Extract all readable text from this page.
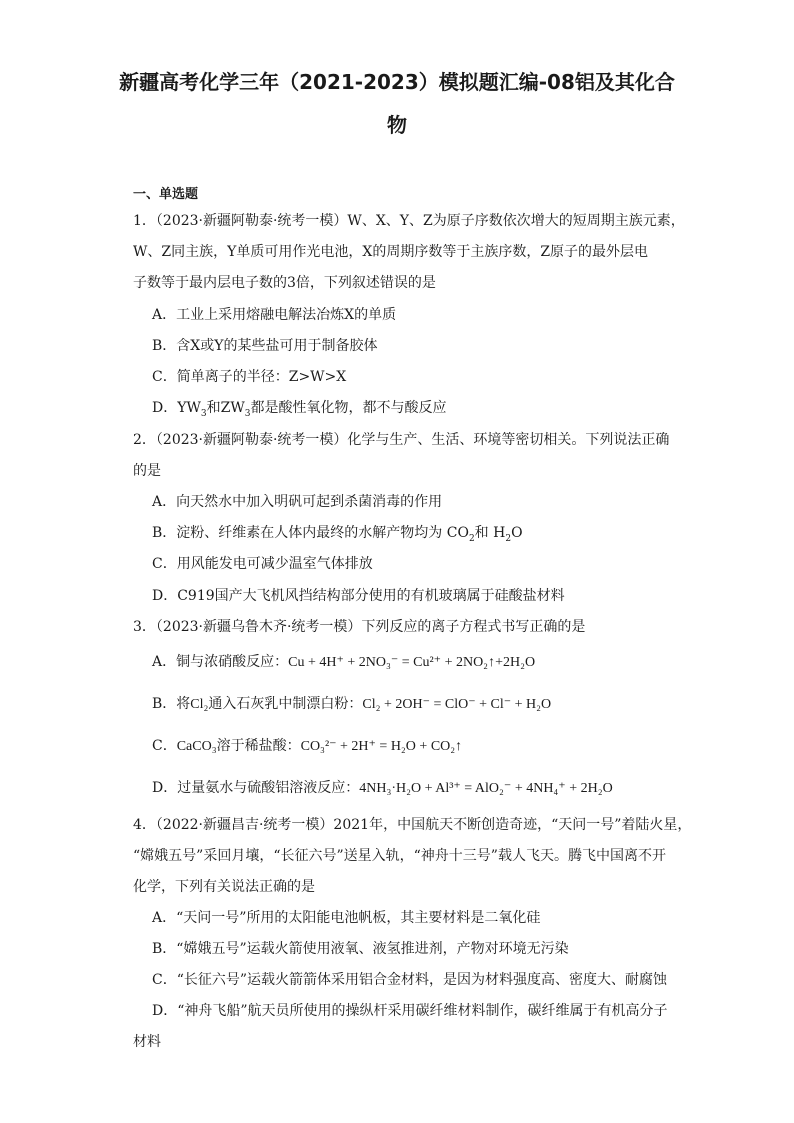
新疆高考化学三年（2021-2023）模拟题汇编-08铝及其化合
物
一、单选题
1．（2023·新疆阿勒泰·统考一模）W、X、Y、Z为原子序数依次增大的短周期主族元素，
W、Z同主族，Y单质可用作光电池，X的周期序数等于主族序数，Z原子的最外层电
子数等于最内层电子数的3倍，下列叙述错误的是
A．工业上采用熔融电解法冶炼X的单质
B．含X或Y的某些盐可用于制备胶体
C．简单离子的半径：Z>W>X
D．$YW_3$和$ZW_3$都是酸性氧化物，都不与酸反应
2．（2023·新疆阿勒泰·统考一模）化学与生产、生活、环境等密切相关。下列说法正确
的是
A．向天然水中加入明矾可起到杀菌消毒的作用
B．淀粉、纤维素在人体内最终的水解产物均为 $CO_2$和 $H_2O$
C．用风能发电可减少温室气体排放
D．C919国产大飞机风挡结构部分使用的有机玻璃属于硅酸盐材料
3．（2023·新疆乌鲁木齐·统考一模）下列反应的离子方程式书写正确的是
A．铜与浓硝酸反应：Cu + 4H⁺ + 2NO₃⁻ = Cu²⁺ + 2NO₂↑+2H₂O
B．将Cl₂通入石灰乳中制漂白粉：Cl₂ + 2OH⁻ = ClO⁻ + Cl⁻ + H₂O
C．CaCO₃溶于稀盐酸：CO₃²⁻ + 2H⁺ = H₂O + CO₂↑
D．过量氨水与硫酸铝溶液反应：4NH₃·H₂O + Al³⁺ = AlO₂⁻ + 4NH₄⁺ + 2H₂O
4．（2022·新疆昌吉·统考一模）2021年，中国航天不断创造奇迹，“天问一号”着陆火星，
“嫦娥五号”采回月壤，“长征六号”送星入轨，“神舟十三号”载人飞天。腾飞中国离不开
化学，下列有关说法正确的是
A．“天问一号”所用的太阳能电池帆板，其主要材料是二氧化硅
B．“嫦娥五号”运载火箭使用液氧、液氢推进剂，产物对环境无污染
C．“长征六号”运载火箭箭体采用铝合金材料，是因为材料强度高、密度大、耐腐蚀
D．“神舟飞船”航天员所使用的操纵杆采用碳纤维材料制作，碳纤维属于有机高分子
材料
